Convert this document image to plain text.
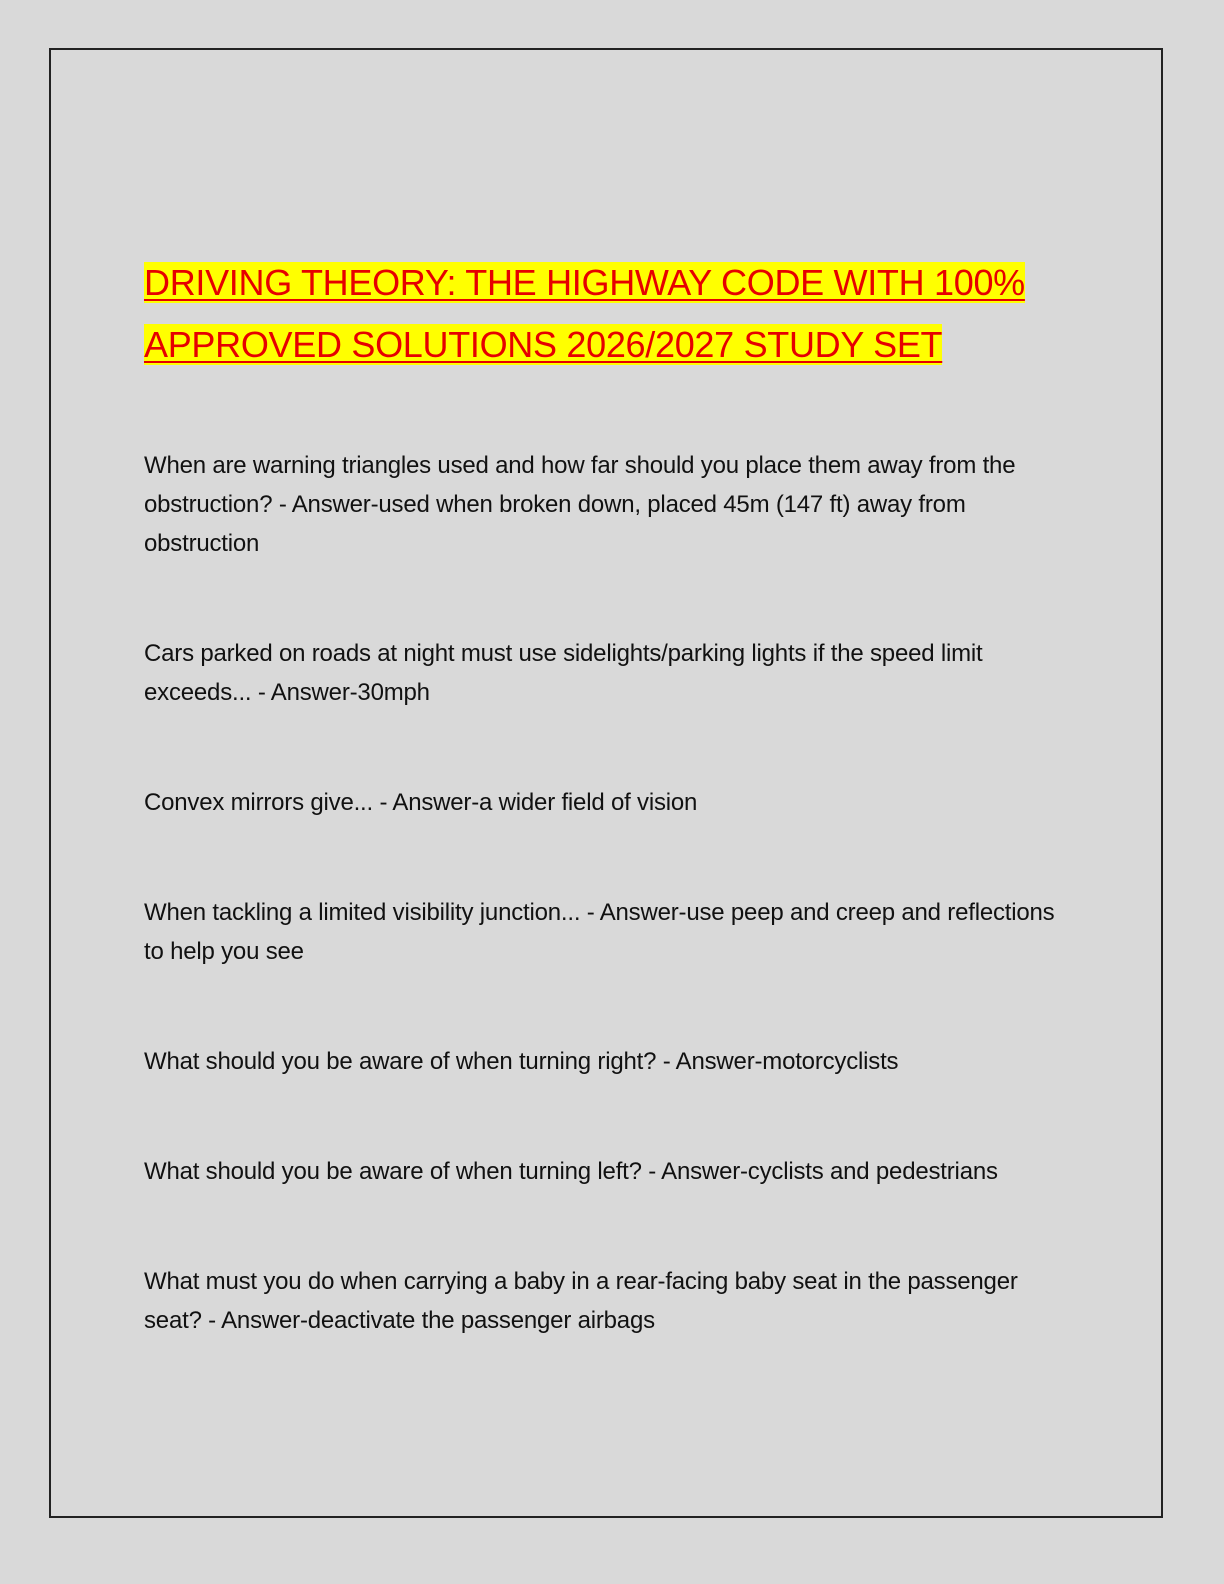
DRIVING THEORY: THE HIGHWAY CODE WITH 100% APPROVED SOLUTIONS 2026/2027 STUDY SET

When are warning triangles used and how far should you place them away from the obstruction? - Answer-used when broken down, placed 45m (147 ft) away from obstruction

Cars parked on roads at night must use sidelights/parking lights if the speed limit exceeds... - Answer-30mph

Convex mirrors give... - Answer-a wider field of vision

When tackling a limited visibility junction... - Answer-use peep and creep and reflections to help you see

What should you be aware of when turning right? - Answer-motorcyclists

What should you be aware of when turning left? - Answer-cyclists and pedestrians

What must you do when carrying a baby in a rear-facing baby seat in the passenger seat? - Answer-deactivate the passenger airbags
